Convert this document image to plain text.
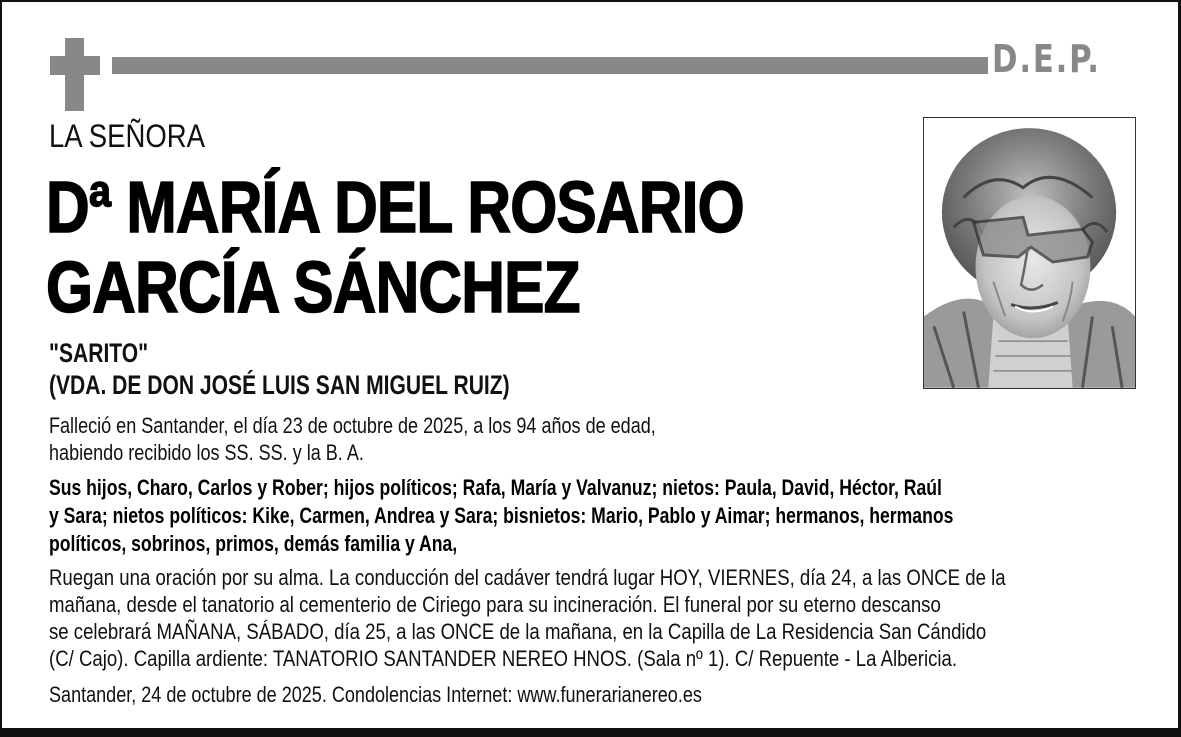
D.E.P.
LA SEÑORA
Dª MARÍA DEL ROSARIO
GARCÍA SÁNCHEZ
"SARITO"
(VDA. DE DON JOSÉ LUIS SAN MIGUEL RUIZ)
Falleció en Santander, el día 23 de octubre de 2025, a los 94 años de edad,
habiendo recibido los SS. SS. y la B. A.
Sus hijos, Charo, Carlos y Rober; hijos políticos; Rafa, María y Valvanuz; nietos: Paula, David, Héctor, Raúl
y Sara; nietos políticos: Kike, Carmen, Andrea y Sara; bisnietos: Mario, Pablo y Aimar; hermanos, hermanos
políticos, sobrinos, primos, demás familia y Ana,
Ruegan una oración por su alma. La conducción del cadáver tendrá lugar HOY, VIERNES, día 24, a las ONCE de la
mañana, desde el tanatorio al cementerio de Ciriego para su incineración. El funeral por su eterno descanso
se celebrará MAÑANA, SÁBADO, día 25, a las ONCE de la mañana, en la Capilla de La Residencia San Cándido
(C/ Cajo). Capilla ardiente: TANATORIO SANTANDER NEREO HNOS. (Sala nº 1). C/ Repuente - La Albericia.
Santander, 24 de octubre de 2025. Condolencias Internet: www.funerarianereo.es
